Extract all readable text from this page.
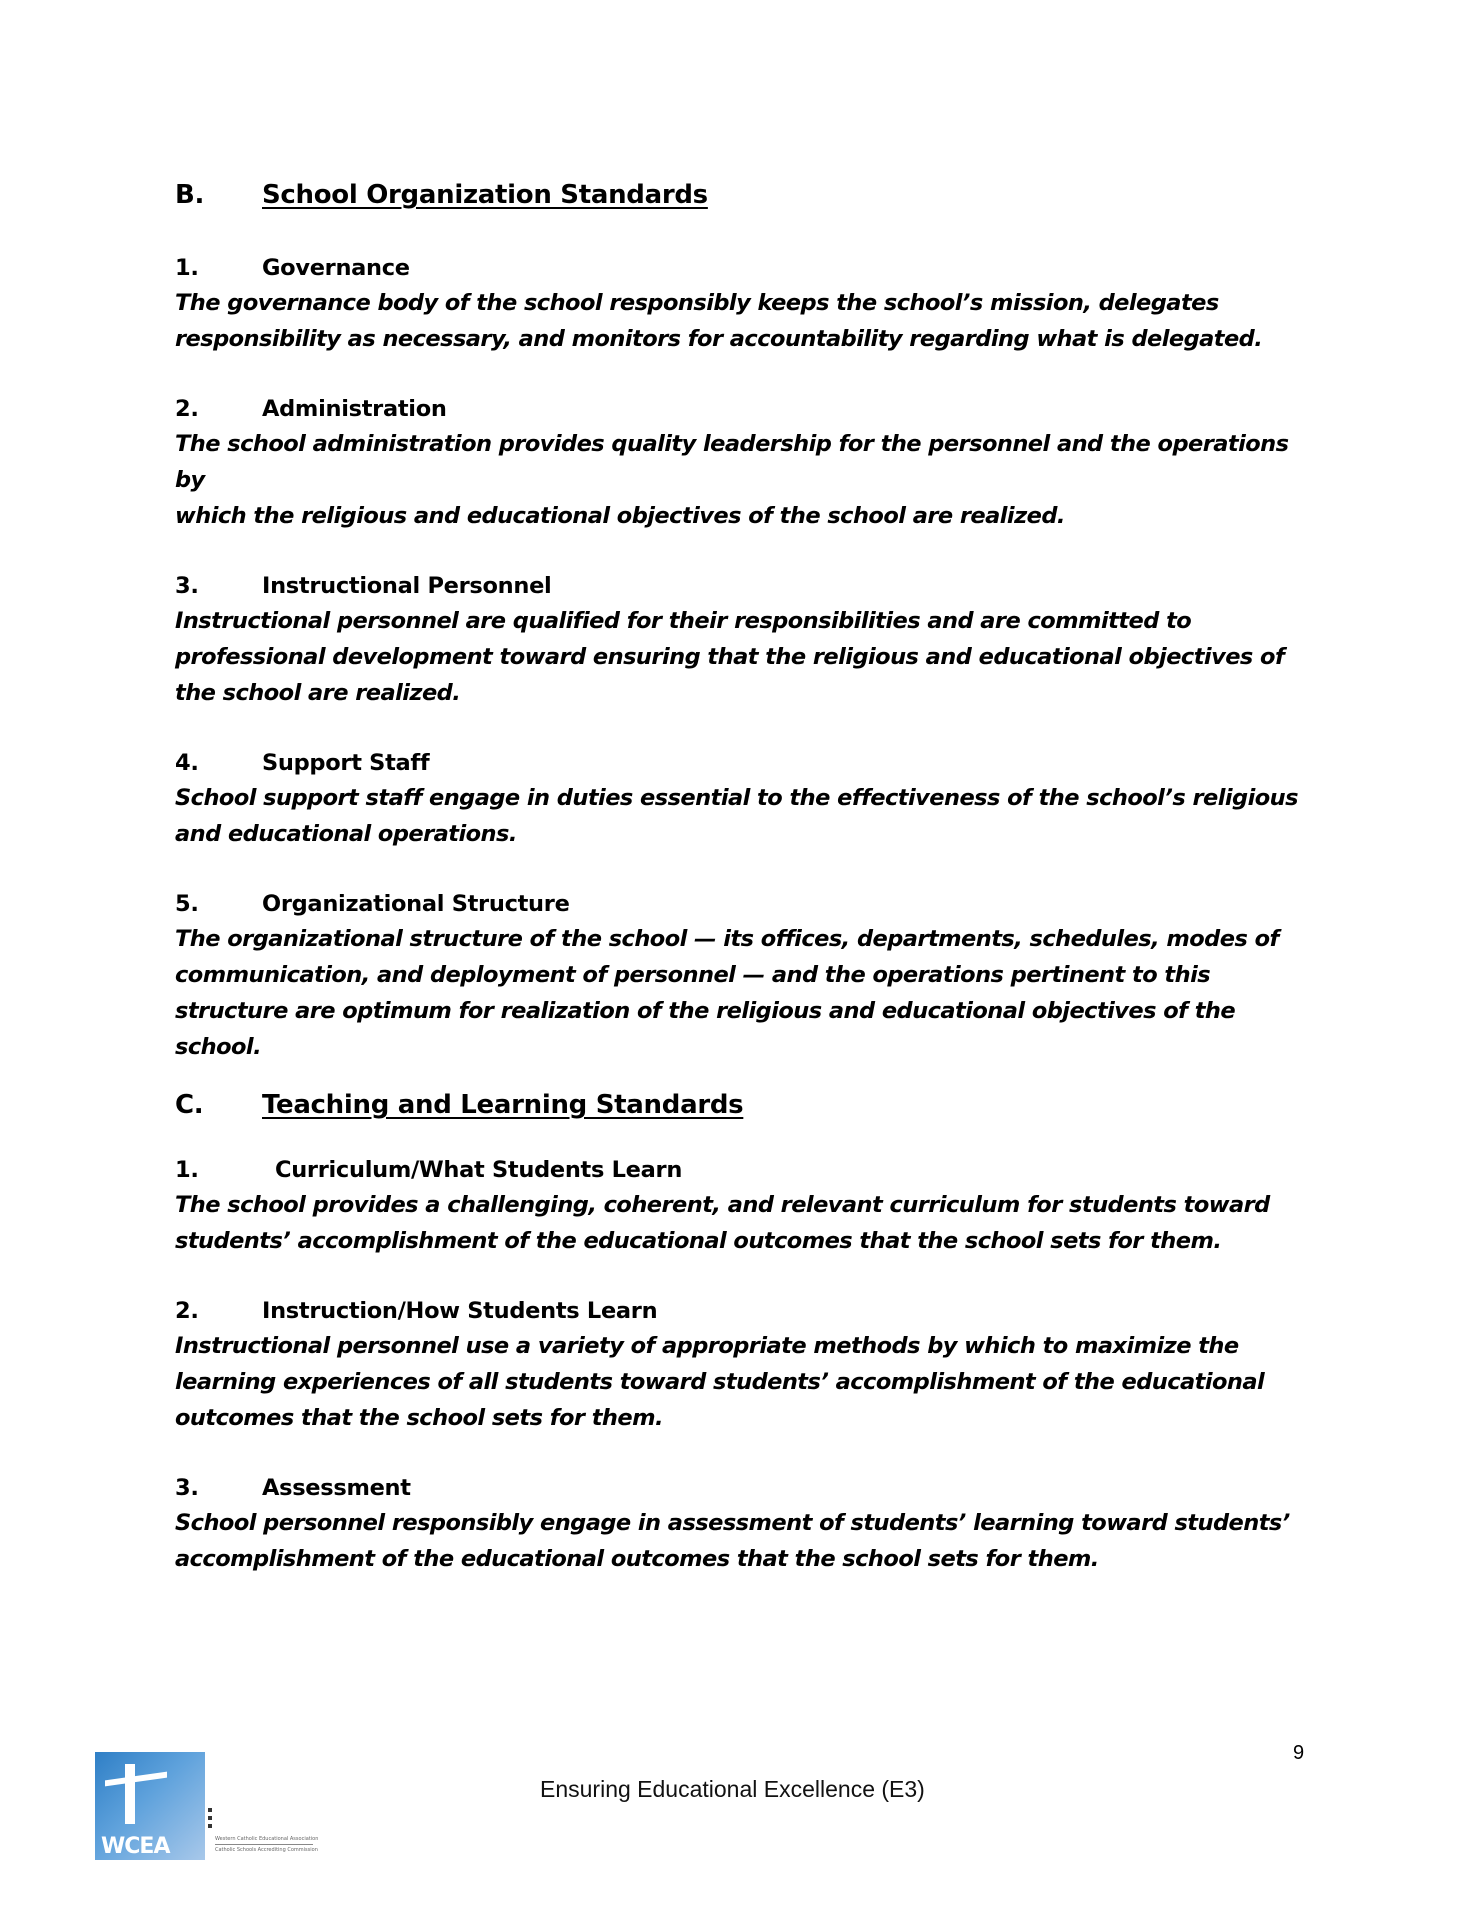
B.	School Organization Standards
1.	Governance

The governance body of the school responsibly keeps the school’s mission, delegates
responsibility as necessary, and monitors for accountability regarding what is delegated.

2.	Administration

The school administration provides quality leadership for the personnel and the operations by
which the religious and educational objectives of the school are realized.

3.	Instructional Personnel

Instructional personnel are qualified for their responsibilities and are committed to
professional development toward ensuring that the religious and educational objectives of
the school are realized.

4.	Support Staff

School support staff engage in duties essential to the effectiveness of the school’s religious
and educational operations.

5.	Organizational Structure

The organizational structure of the school — its offices, departments, schedules, modes of
communication, and deployment of personnel — and the operations pertinent to this
structure are optimum for realization of the religious and educational objectives of the school.

C.	Teaching and Learning Standards
1.	Curriculum/What Students Learn

The school provides a challenging, coherent, and relevant curriculum for students toward
students’ accomplishment of the educational outcomes that the school sets for them.

2.	Instruction/How Students Learn

Instructional personnel use a variety of appropriate methods by which to maximize the
learning experiences of all students toward students’ accomplishment of the educational
outcomes that the school sets for them.

3.	Assessment

School personnel responsibly engage in assessment of students’ learning toward students’
accomplishment of the educational outcomes that the school sets for them.

9
Ensuring Educational Excellence (E3)
WCEA	Western Catholic Educational Association
Catholic Schools Accrediting Commission
